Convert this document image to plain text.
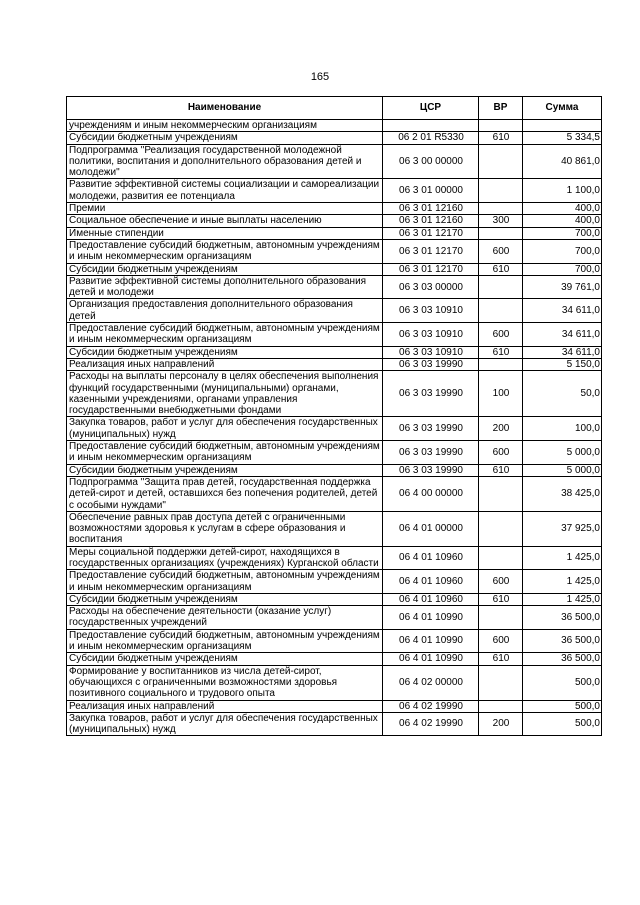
165
Наименование	ЦСР	ВР	Сумма
учреждениям и иным некоммерческим организациям			
Субсидии бюджетным учреждениям	06 2 01 R5330	610	5 334,5
Подпрограмма "Реализация государственной молодежной политики, воспитания и дополнительного образования детей и молодежи"	06 3 00 00000		40 861,0
Развитие эффективной системы социализации и самореализации молодежи, развития ее потенциала	06 3 01 00000		1 100,0
Премии	06 3 01 12160		400,0
Социальное обеспечение и иные выплаты населению	06 3 01 12160	300	400,0
Именные стипендии	06 3 01 12170		700,0
Предоставление субсидий бюджетным, автономным учреждениям и иным некоммерческим организациям	06 3 01 12170	600	700,0
Субсидии бюджетным учреждениям	06 3 01 12170	610	700,0
Развитие эффективной системы дополнительного образования детей и молодежи	06 3 03 00000		39 761,0
Организация предоставления дополнительного образования детей	06 3 03 10910		34 611,0
Предоставление субсидий бюджетным, автономным учреждениям и иным некоммерческим организациям	06 3 03 10910	600	34 611,0
Субсидии бюджетным учреждениям	06 3 03 10910	610	34 611,0
Реализация иных направлений	06 3 03 19990		5 150,0
Расходы на выплаты персоналу в целях обеспечения выполнения функций государственными (муниципальными) органами, казенными учреждениями, органами управления государственными внебюджетными фондами	06 3 03 19990	100	50,0
Закупка товаров, работ и услуг для обеспечения государственных (муниципальных) нужд	06 3 03 19990	200	100,0
Предоставление субсидий бюджетным, автономным учреждениям и иным некоммерческим организациям	06 3 03 19990	600	5 000,0
Субсидии бюджетным учреждениям	06 3 03 19990	610	5 000,0
Подпрограмма "Защита прав детей, государственная поддержка детей-сирот и детей, оставшихся без попечения родителей, детей с особыми нуждами"	06 4 00 00000		38 425,0
Обеспечение равных прав доступа детей с ограниченными возможностями здоровья к услугам в сфере образования и воспитания	06 4 01 00000		37 925,0
Меры социальной поддержки детей-сирот, находящихся в государственных организациях (учреждениях) Курганской области	06 4 01 10960		1 425,0
Предоставление субсидий бюджетным, автономным учреждениям и иным некоммерческим организациям	06 4 01 10960	600	1 425,0
Субсидии бюджетным учреждениям	06 4 01 10960	610	1 425,0
Расходы на обеспечение деятельности (оказание услуг) государственных учреждений	06 4 01 10990		36 500,0
Предоставление субсидий бюджетным, автономным учреждениям и иным некоммерческим организациям	06 4 01 10990	600	36 500,0
Субсидии бюджетным учреждениям	06 4 01 10990	610	36 500,0
Формирование у воспитанников из числа детей-сирот, обучающихся с ограниченными возможностями здоровья позитивного социального и трудового опыта	06 4 02 00000		500,0
Реализация иных направлений	06 4 02 19990		500,0
Закупка товаров, работ и услуг для обеспечения государственных (муниципальных) нужд	06 4 02 19990	200	500,0
